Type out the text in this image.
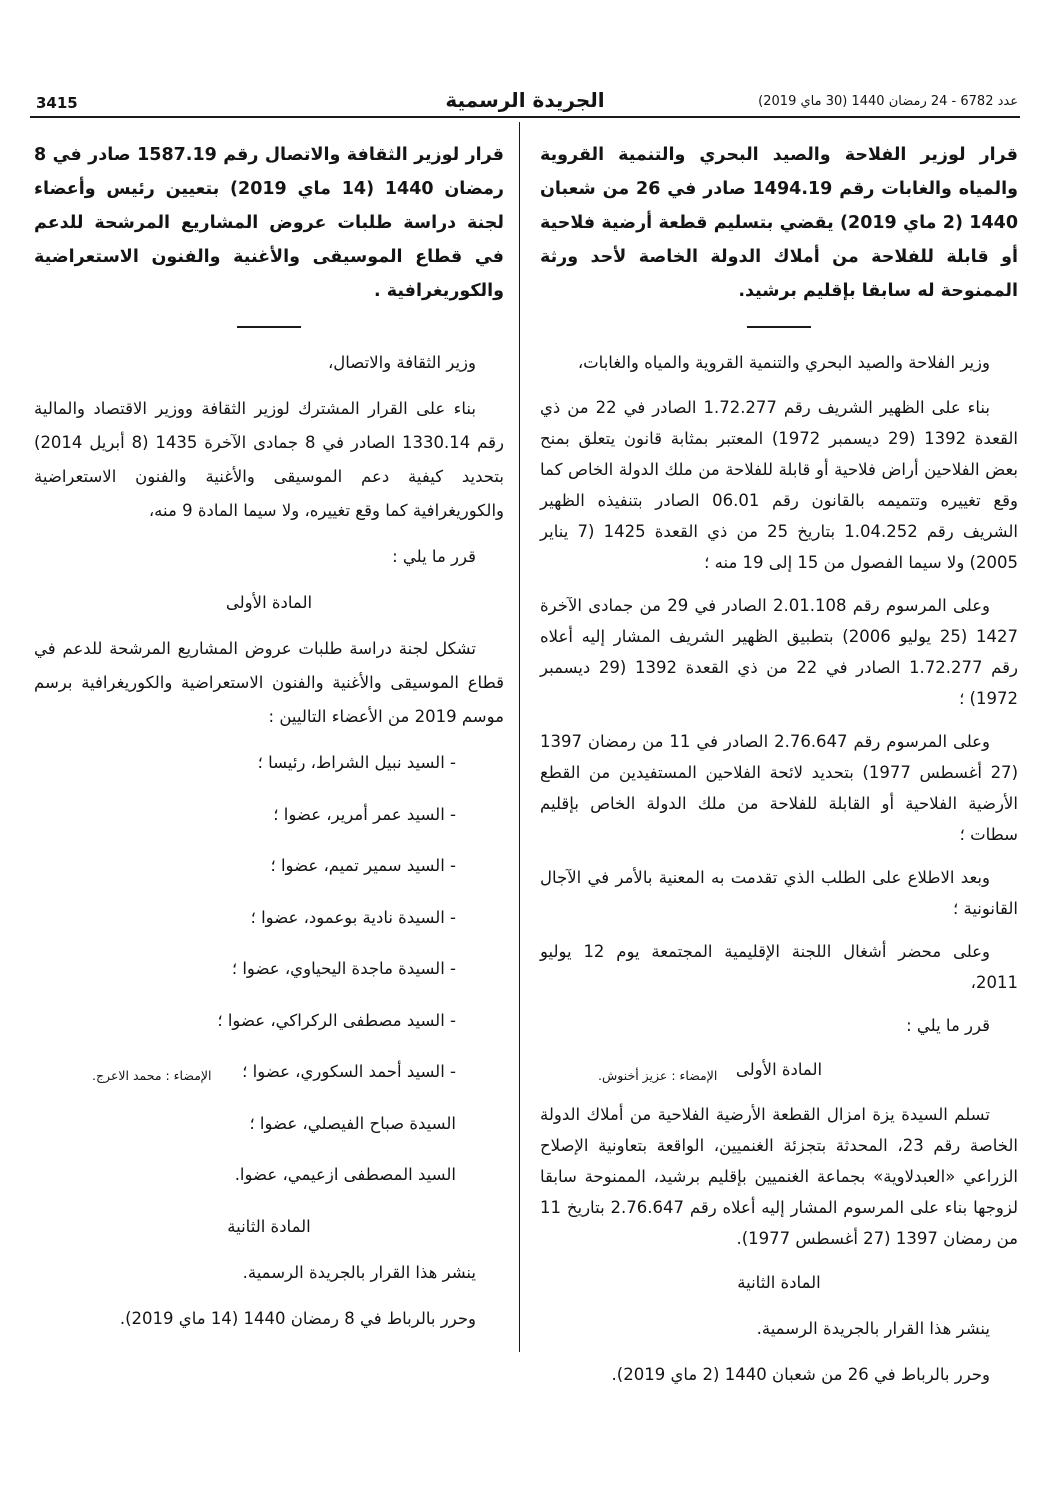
3415	الجريدة الرسمية	عدد 6782 - 24 رمضان 1440 (30 ماي 2019)

قرار لوزير الفلاحة والصيد البحري والتنمية القروية والمياه والغابات رقم 1494.19 صادر في 26 من شعبان 1440 (2 ماي 2019) يقضي بتسليم قطعة أرضية فلاحية أو قابلة للفلاحة من أملاك الدولة الخاصة لأحد ورثة الممنوحة له سابقا بإقليم برشيد.

وزير الفلاحة والصيد البحري والتنمية القروية والمياه والغابات،

بناء على الظهير الشريف رقم 1.72.277 الصادر في 22 من ذي القعدة 1392 (29 ديسمبر 1972) المعتبر بمثابة قانون يتعلق بمنح بعض الفلاحين أراض فلاحية أو قابلة للفلاحة من ملك الدولة الخاص كما وقع تغييره وتتميمه بالقانون رقم 06.01 الصادر بتنفيذه الظهير الشريف رقم 1.04.252 بتاريخ 25 من ذي القعدة 1425 (7 يناير 2005) ولا سيما الفصول من 15 إلى 19 منه ؛

وعلى المرسوم رقم 2.01.108 الصادر في 29 من جمادى الآخرة 1427 (25 يوليو 2006) بتطبيق الظهير الشريف المشار إليه أعلاه رقم 1.72.277 الصادر في 22 من ذي القعدة 1392 (29 ديسمبر 1972) ؛

وعلى المرسوم رقم 2.76.647 الصادر في 11 من رمضان 1397 (27 أغسطس 1977) بتحديد لائحة الفلاحين المستفيدين من القطع الأرضية الفلاحية أو القابلة للفلاحة من ملك الدولة الخاص بإقليم سطات ؛

وبعد الاطلاع على الطلب الذي تقدمت به المعنية بالأمر في الآجال القانونية ؛

وعلى محضر أشغال اللجنة الإقليمية المجتمعة يوم 12 يوليو 2011،

قرر ما يلي :

المادة الأولى

تسلم السيدة يزة امزال القطعة الأرضية الفلاحية من أملاك الدولة الخاصة رقم 23، المحدثة بتجزئة الغنميين، الواقعة بتعاونية الإصلاح الزراعي «العبدلاوية» بجماعة الغنميين بإقليم برشيد، الممنوحة سابقا لزوجها بناء على المرسوم المشار إليه أعلاه رقم 2.76.647 بتاريخ 11 من رمضان 1397 (27 أغسطس 1977).

المادة الثانية

ينشر هذا القرار بالجريدة الرسمية.

وحرر بالرباط في 26 من شعبان 1440 (2 ماي 2019).

قرار لوزير الثقافة والاتصال رقم 1587.19 صادر في 8 رمضان 1440 (14 ماي 2019) بتعيين رئيس وأعضاء لجنة دراسة طلبات عروض المشاريع المرشحة للدعم في قطاع الموسيقى والأغنية والفنون الاستعراضية والكوريغرافية .

وزير الثقافة والاتصال،

بناء على القرار المشترك لوزير الثقافة ووزير الاقتصاد والمالية رقم 1330.14 الصادر في 8 جمادى الآخرة 1435 (8 أبريل 2014) بتحديد كيفية دعم الموسيقى والأغنية والفنون الاستعراضية والكوريغرافية كما وقع تغييره، ولا سيما المادة 9 منه،

قرر ما يلي :

المادة الأولى

تشكل لجنة دراسة طلبات عروض المشاريع المرشحة للدعم في قطاع الموسيقى والأغنية والفنون الاستعراضية والكوريغرافية برسم موسم 2019 من الأعضاء التاليين :

- السيد نبيل الشراط، رئيسا ؛
- السيد عمر أمرير، عضوا ؛
- السيد سمير تميم، عضوا ؛
- السيدة نادية بوعمود، عضوا ؛
- السيدة ماجدة اليحياوي، عضوا ؛
- السيد مصطفى الركراكي، عضوا ؛
- السيد أحمد السكوري، عضوا ؛
السيدة صباح الفيصلي، عضوا ؛
السيد المصطفى ازعيمي، عضوا.

المادة الثانية

ينشر هذا القرار بالجريدة الرسمية.

وحرر بالرباط في 8 رمضان 1440 (14 ماي 2019).

الإمضاء : عزيز أخنوش.
الإمضاء : محمد الاعرج.
